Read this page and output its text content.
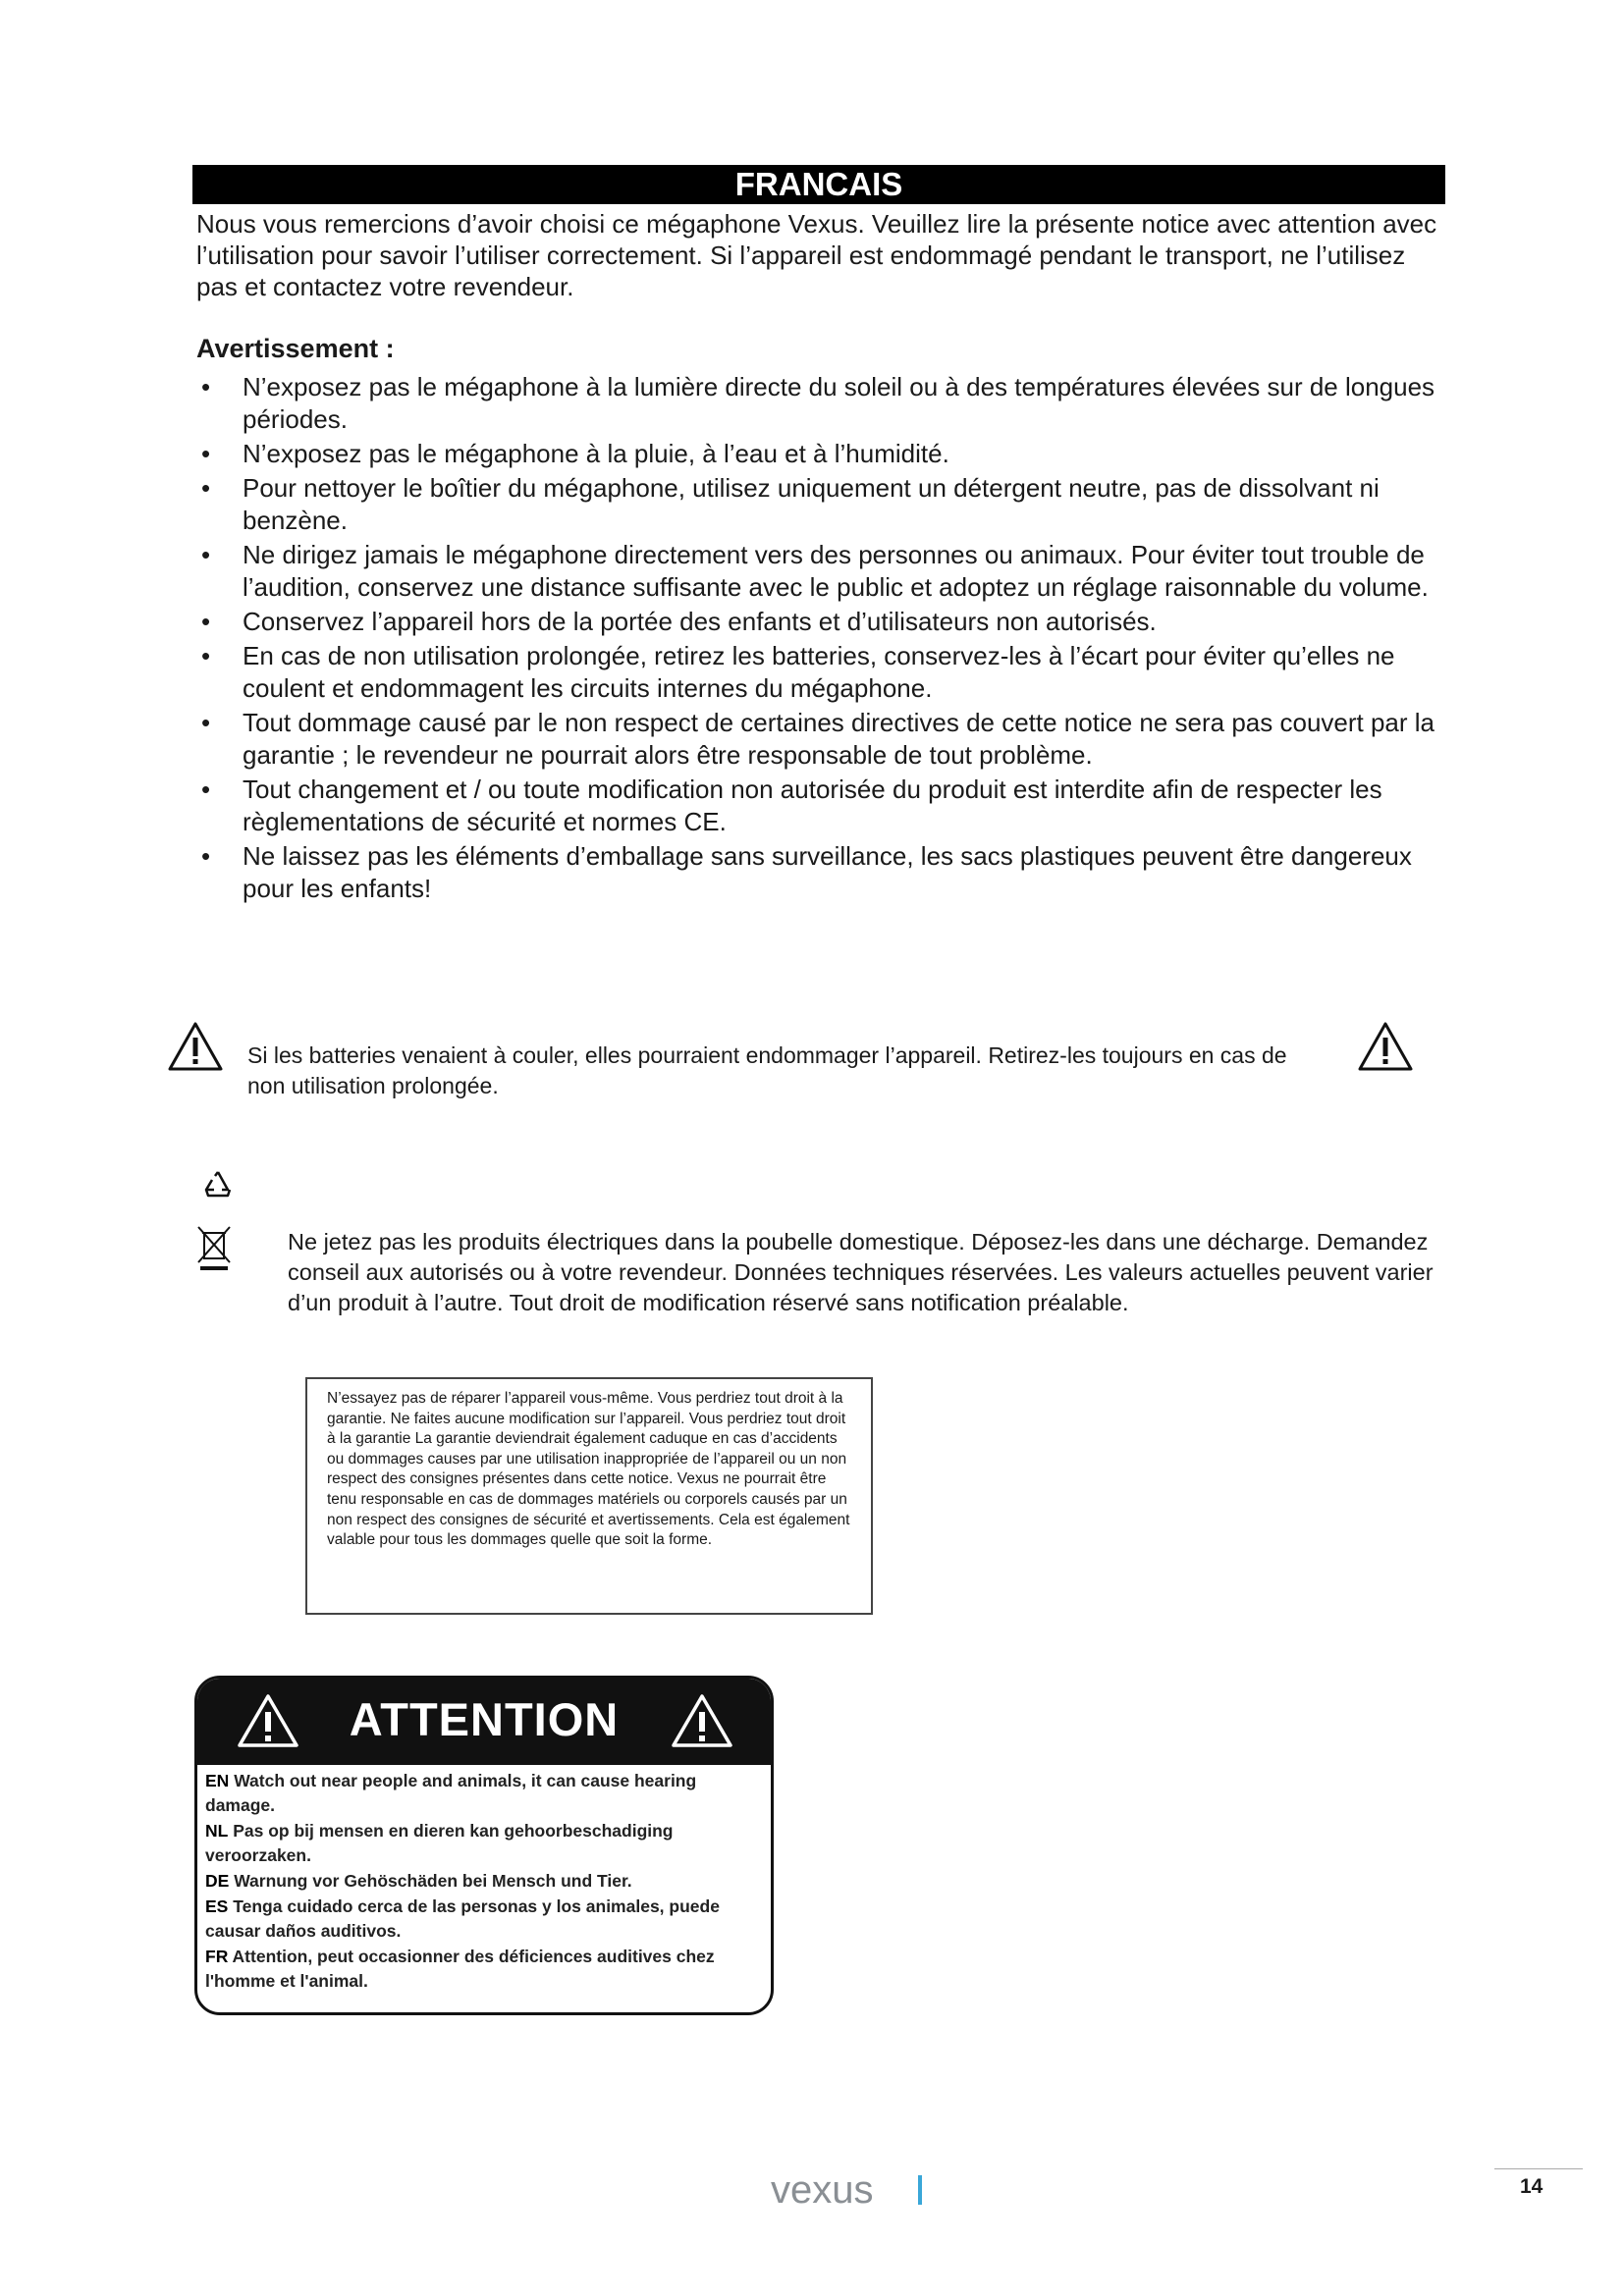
FRANCAIS

Nous vous remercions d’avoir choisi ce mégaphone Vexus. Veuillez lire la présente notice avec attention avec l’utilisation pour savoir l’utiliser correctement. Si l’appareil est endommagé pendant le transport, ne l’utilisez pas et contactez votre revendeur.

Avertissement :
• N’exposez pas le mégaphone à la lumière directe du soleil ou à des températures élevées sur de longues périodes.
• N’exposez pas le mégaphone à la pluie, à l’eau et à l’humidité.
• Pour nettoyer le boîtier du mégaphone, utilisez uniquement un détergent neutre, pas de dissolvant ni benzène.
• Ne dirigez jamais le mégaphone directement vers des personnes ou animaux. Pour éviter tout trouble de l’audition, conservez une distance suffisante avec le public et adoptez un réglage raisonnable du volume.
• Conservez l’appareil hors de la portée des enfants et d’utilisateurs non autorisés.
• En cas de non utilisation prolongée, retirez les batteries, conservez-les à l’écart pour éviter qu’elles ne coulent et endommagent les circuits internes du mégaphone.
• Tout dommage causé par le non respect de certaines directives de cette notice ne sera pas couvert par la garantie ; le revendeur ne pourrait alors être responsable de tout problème.
• Tout changement et / ou toute modification non autorisée du produit est interdite afin de respecter les règlementations de sécurité et normes CE.
• Ne laissez pas les éléments d’emballage sans surveillance, les sacs plastiques peuvent être dangereux pour les enfants!

Si les batteries venaient à couler, elles pourraient endommager l’appareil. Retirez-les toujours en cas de non utilisation prolongée.

Ne jetez pas les produits électriques dans la poubelle domestique. Déposez-les dans une décharge. Demandez conseil aux autorisés ou à votre revendeur. Données techniques réservées. Les valeurs actuelles peuvent varier d’un produit à l’autre. Tout droit de modification réservé sans notification préalable.

N’essayez pas de réparer l’appareil vous-même. Vous perdriez tout droit à la garantie. Ne faites aucune modification sur l’appareil. Vous perdriez tout droit à la garantie La garantie deviendrait également caduque en cas d’accidents ou dommages causes par une utilisation inappropriée de l’appareil ou un non respect des consignes présentes dans cette notice. Vexus ne pourrait être tenu responsable en cas de dommages matériels ou corporels causés par un non respect des consignes de sécurité et avertissements. Cela est également valable pour tous les dommages quelle que soit la forme.

ATTENTION
EN Watch out near people and animals, it can cause hearing damage.
NL Pas op bij mensen en dieren kan gehoorbeschadiging veroorzaken.
DE Warnung vor Gehöschäden bei Mensch und Tier.
ES Tenga cuidado cerca de las personas y los animales, puede causar daños auditivos.
FR Attention, peut occasionner des déficiences auditives chez l'homme et l'animal.
vexus	14
